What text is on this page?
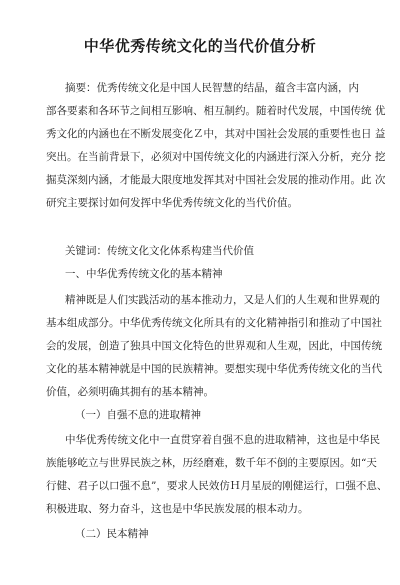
中华优秀传统文化的当代价值分析
摘要：优秀传统文化是中国人民智慧的结晶，蕴含丰富内涵，内
部各要素和各环节之间相互影响、相互制约。随着时代发展，中国传统 优
秀文化的内涵也在不断发展变化Ｚ中，其对中国社会发展的重要性也日 益
突出。在当前背景下，必须对中国传统文化的内涵进行深入分析，充分 挖
掘莫深刻内涵，才能最大限度地发挥其对中国社会发展的推动作用。此 次
研究主要探讨如何发挥中华优秀传统文化的当代价值。
关键词：传统文化文化体系构建当代价值
一、中华优秀传统文化的基本精神
精神既是人们实践活动的基本推动力，又是人们的人生观和世界观的
基本组成部分。中华优秀传统文化所具有的文化精神指引和推动了中国社
会的发展，创造了独具中国文化特色的世界观和人生观，因此，中国传统
文化的基本精神就是中国的民族精神。要想实现中华优秀传统文化的当代
价值，必须明确其拥有的基本精神。
（一）自强不息的进取精神
中华优秀传统文化中一直贯穿着自强不息的进取精神，这也是中华民
族能够屹立与世界民族之林，历经磨难，数千年不倒的主要原因。如“天
行健、君子以口强不息”，要求人民效仿Ｈ月星辰的刚健运行，口强不息、
积极进取、努力奋斗，这也是中华民族发展的根本动力。
（二）民本精神
